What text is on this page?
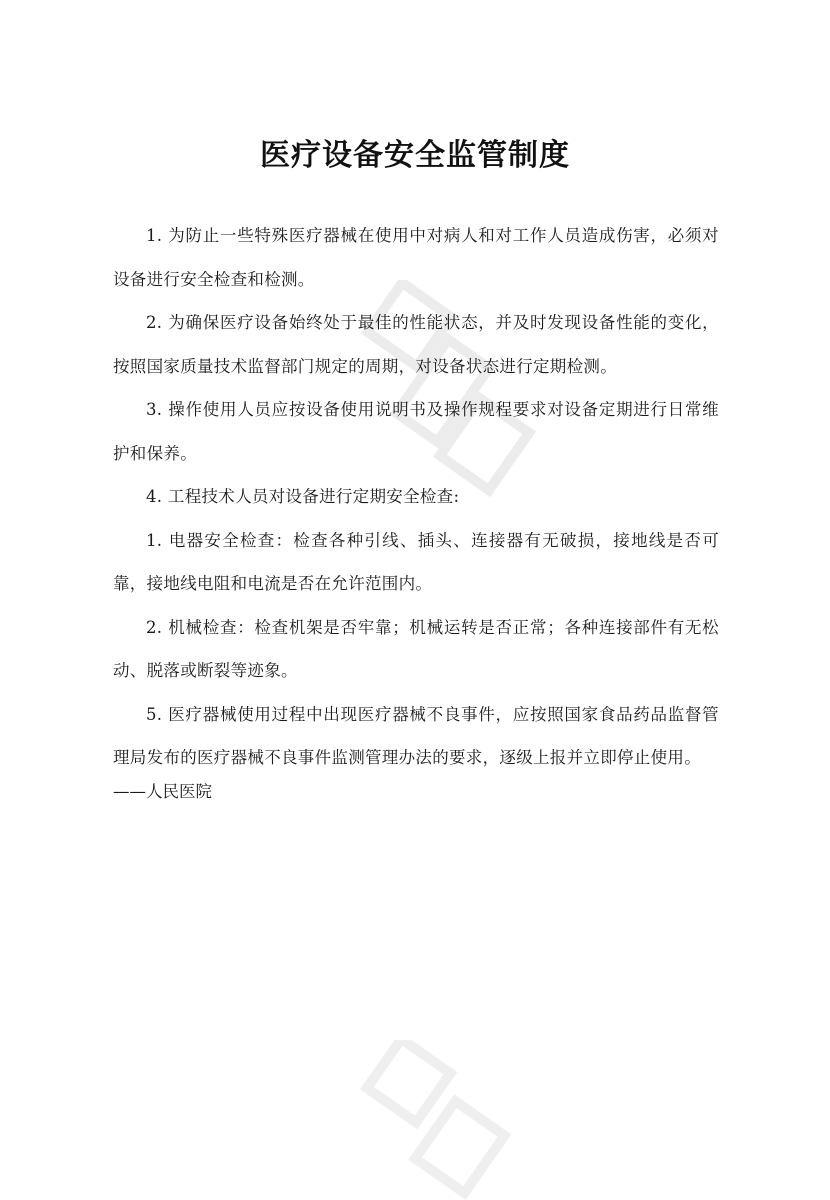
医疗设备安全监管制度

1. 为防止一些特殊医疗器械在使用中对病人和对工作人员造成伤害，必须对设备进行安全检查和检测。

2. 为确保医疗设备始终处于最佳的性能状态，并及时发现设备性能的变化，按照国家质量技术监督部门规定的周期，对设备状态进行定期检测。

3. 操作使用人员应按设备使用说明书及操作规程要求对设备定期进行日常维护和保养。

4. 工程技术人员对设备进行定期安全检查:

1. 电器安全检查：检查各种引线、插头、连接器有无破损，接地线是否可靠，接地线电阻和电流是否在允许范围内。

2. 机械检查：检查机架是否牢靠；机械运转是否正常；各种连接部件有无松动、脱落或断裂等迹象。

5. 医疗器械使用过程中出现医疗器械不良事件，应按照国家食品药品监督管理局发布的医疗器械不良事件监测管理办法的要求，逐级上报并立即停止使用。

——人民医院
